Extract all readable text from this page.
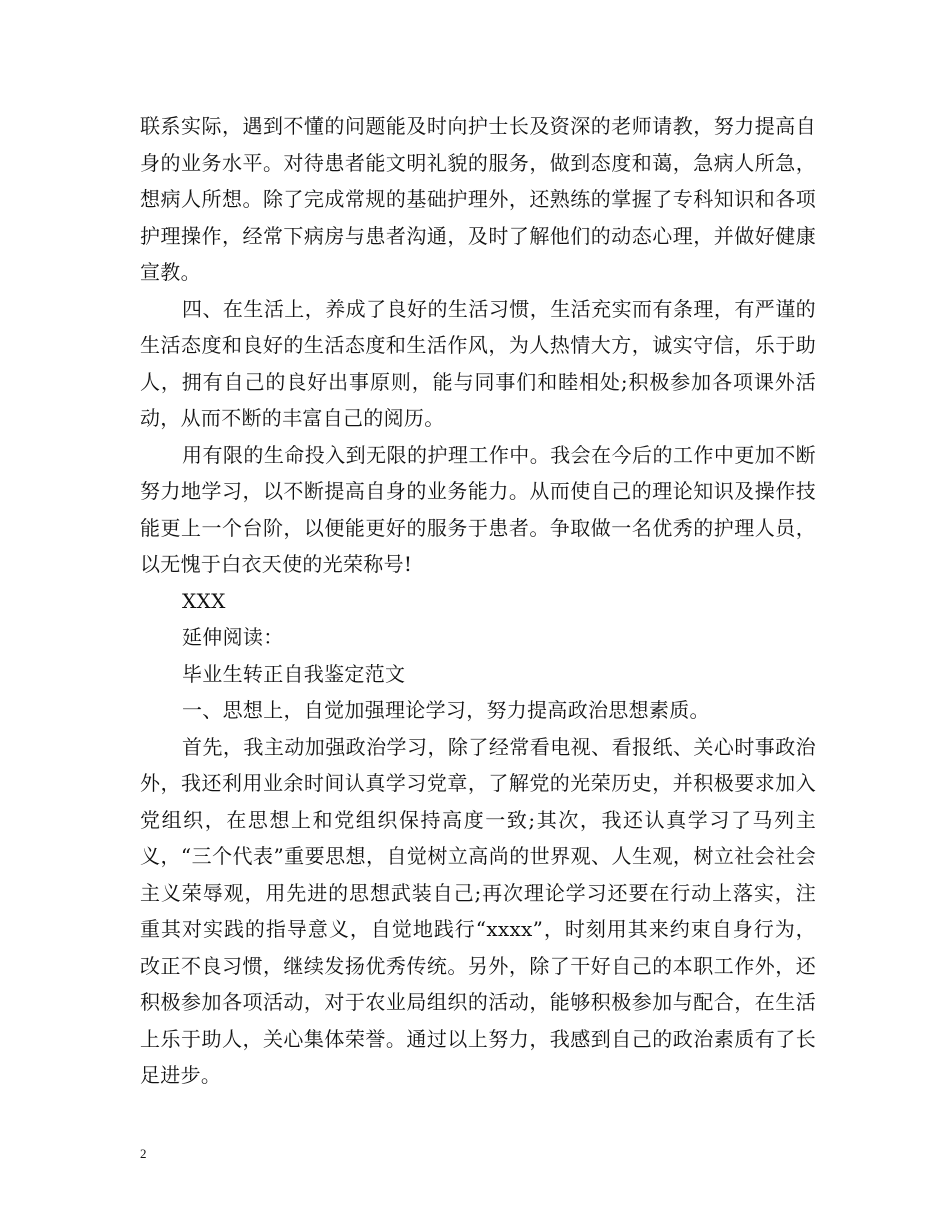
联系实际，遇到不懂的问题能及时向护士长及资深的老师请教，努力提高自身的业务水平。对待患者能文明礼貌的服务，做到态度和蔼，急病人所急，想病人所想。除了完成常规的基础护理外，还熟练的掌握了专科知识和各项护理操作，经常下病房与患者沟通，及时了解他们的动态心理，并做好健康宣教。

四、在生活上，养成了良好的生活习惯，生活充实而有条理，有严谨的生活态度和良好的生活态度和生活作风，为人热情大方，诚实守信，乐于助人，拥有自己的良好出事原则，能与同事们和睦相处;积极参加各项课外活动，从而不断的丰富自己的阅历。

用有限的生命投入到无限的护理工作中。我会在今后的工作中更加不断努力地学习，以不断提高自身的业务能力。从而使自己的理论知识及操作技能更上一个台阶，以便能更好的服务于患者。争取做一名优秀的护理人员，以无愧于白衣天使的光荣称号!

XXX

延伸阅读：

毕业生转正自我鉴定范文

一、思想上，自觉加强理论学习，努力提高政治思想素质。

首先，我主动加强政治学习，除了经常看电视、看报纸、关心时事政治外，我还利用业余时间认真学习党章，了解党的光荣历史，并积极要求加入党组织，在思想上和党组织保持高度一致;其次，我还认真学习了马列主义，“三个代表”重要思想，自觉树立高尚的世界观、人生观，树立社会社会主义荣辱观，用先进的思想武装自己;再次理论学习还要在行动上落实，注重其对实践的指导意义，自觉地践行“xxxx”，时刻用其来约束自身行为，改正不良习惯，继续发扬优秀传统。另外，除了干好自己的本职工作外，还积极参加各项活动，对于农业局组织的活动，能够积极参加与配合，在生活上乐于助人，关心集体荣誉。通过以上努力，我感到自己的政治素质有了长足进步。

2
